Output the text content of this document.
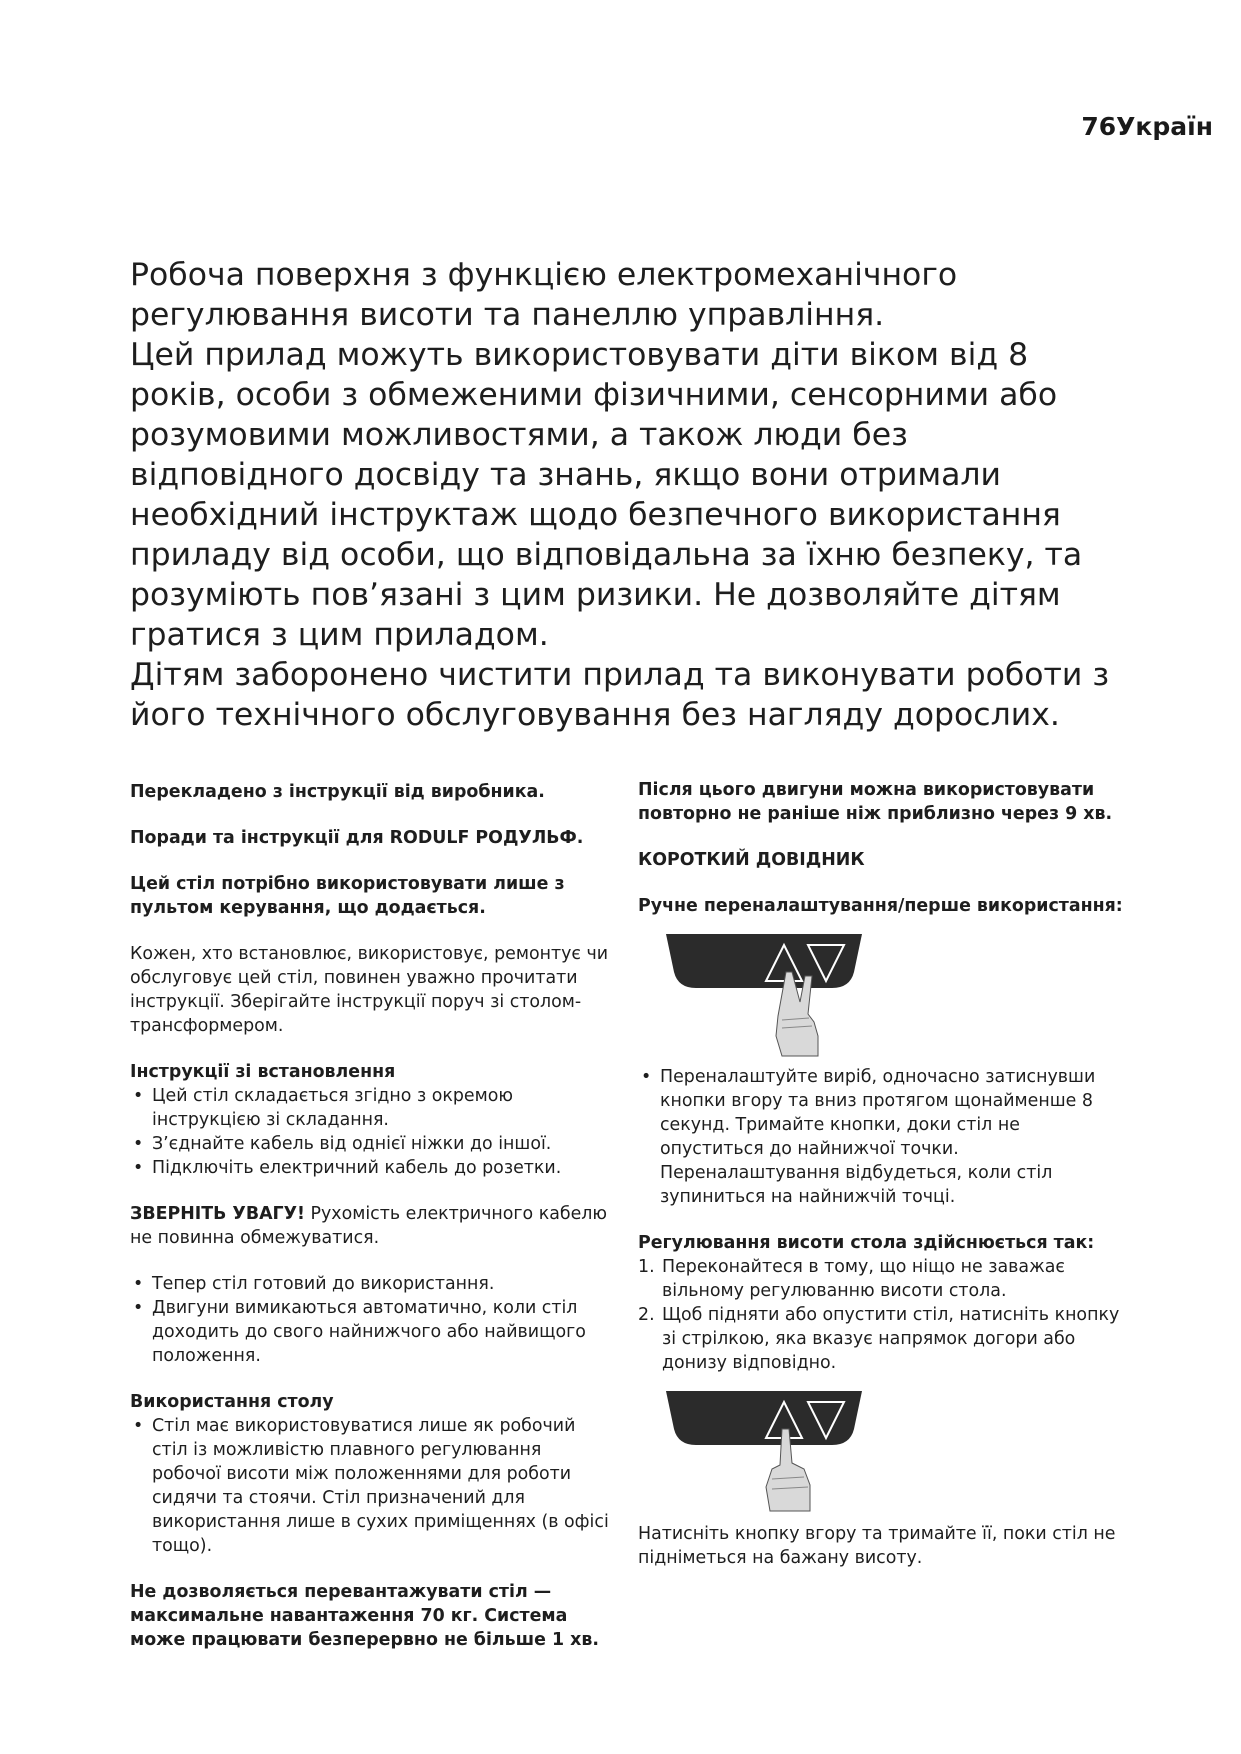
76Україн

Робоча поверхня з функцією електромеханічного регулювання висоти та панеллю управління.

Цей прилад можуть використовувати діти віком від 8 років, особи з обмеженими фізичними, сенсорними або розумовими можливостями, а також люди без відповідного досвіду та знань, якщо вони отримали необхідний інструктаж щодо безпечного використання приладу від особи, що відповідальна за їхню безпеку, та розуміють пов’язані з цим ризики. Не дозволяйте дітям гратися з цим приладом.

Дітям заборонено чистити прилад та виконувати роботи з його технічного обслуговування без нагляду дорослих.

Перекладено з інструкції від виробника.

Поради та інструкції для RODULF РОДУЛЬФ.

Цей стіл потрібно використовувати лише з пультом керування, що додається.

Кожен, хто встановлює, використовує, ремонтує чи обслуговує цей стіл, повинен уважно прочитати інструкції. Зберігайте інструкції поруч зі столом-трансформером.

Інструкції зі встановлення

• Цей стіл складається згідно з окремою інструкцією зі складання.
• З’єднайте кабель від однієї ніжки до іншої.
• Підключіть електричний кабель до розетки.

ЗВЕРНІТЬ УВАГУ! Рухомість електричного кабелю не повинна обмежуватися.

• Тепер стіл готовий до використання.
• Двигуни вимикаються автоматично, коли стіл доходить до свого найнижчого або найвищого положення.

Використання столу

• Стіл має використовуватися лише як робочий стіл із можливістю плавного регулювання робочої висоти між положеннями для роботи сидячи та стоячи. Стіл призначений для використання лише в сухих приміщеннях (в офісі тощо).

Не дозволяється перевантажувати стіл — максимальне навантаження 70 кг. Система може працювати безперервно не більше 1 хв.

Після цього двигуни можна використовувати повторно не раніше ніж приблизно через 9 хв.

КОРОТКИЙ ДОВІДНИК

Ручне переналаштування/перше використання:

• Переналаштуйте виріб, одночасно затиснувши кнопки вгору та вниз протягом щонайменше 8 секунд. Тримайте кнопки, доки стіл не опуститься до найнижчої точки. Переналаштування відбудеться, коли стіл зупиниться на найнижчій точці.

Регулювання висоти стола здійснюється так:

1. Переконайтеся в тому, що ніщо не заважає вільному регулюванню висоти стола.
2. Щоб підняти або опустити стіл, натисніть кнопку зі стрілкою, яка вказує напрямок догори або донизу відповідно.

Натисніть кнопку вгору та тримайте її, поки стіл не підніметься на бажану висоту.
